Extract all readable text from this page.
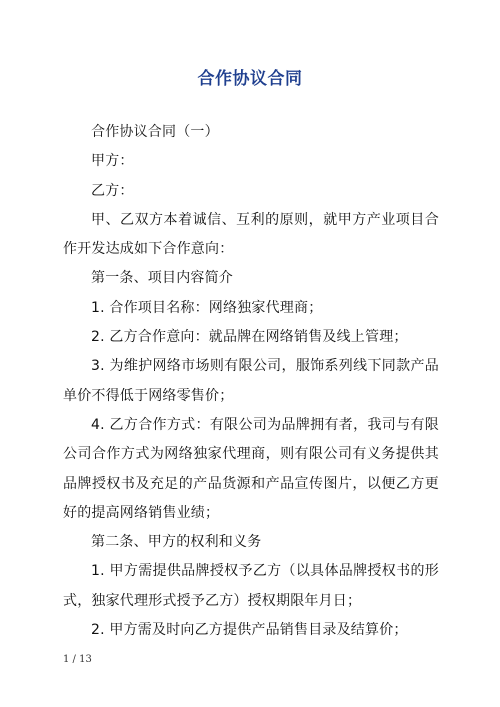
合作协议合同

合作协议合同（一）

甲方：

乙方：

甲、乙双方本着诚信、互利的原则，就甲方产业项目合作开发达成如下合作意向：

第一条、项目内容简介

1. 合作项目名称：网络独家代理商；

2. 乙方合作意向：就品牌在网络销售及线上管理；

3. 为维护网络市场则有限公司，服饰系列线下同款产品单价不得低于网络零售价；

4. 乙方合作方式：有限公司为品牌拥有者，我司与有限公司合作方式为网络独家代理商，则有限公司有义务提供其品牌授权书及充足的产品货源和产品宣传图片，以便乙方更好的提高网络销售业绩；

第二条、甲方的权利和义务

1. 甲方需提供品牌授权予乙方（以具体品牌授权书的形式，独家代理形式授予乙方）授权期限年月日；

2. 甲方需及时向乙方提供产品销售目录及结算价；

1 / 13
